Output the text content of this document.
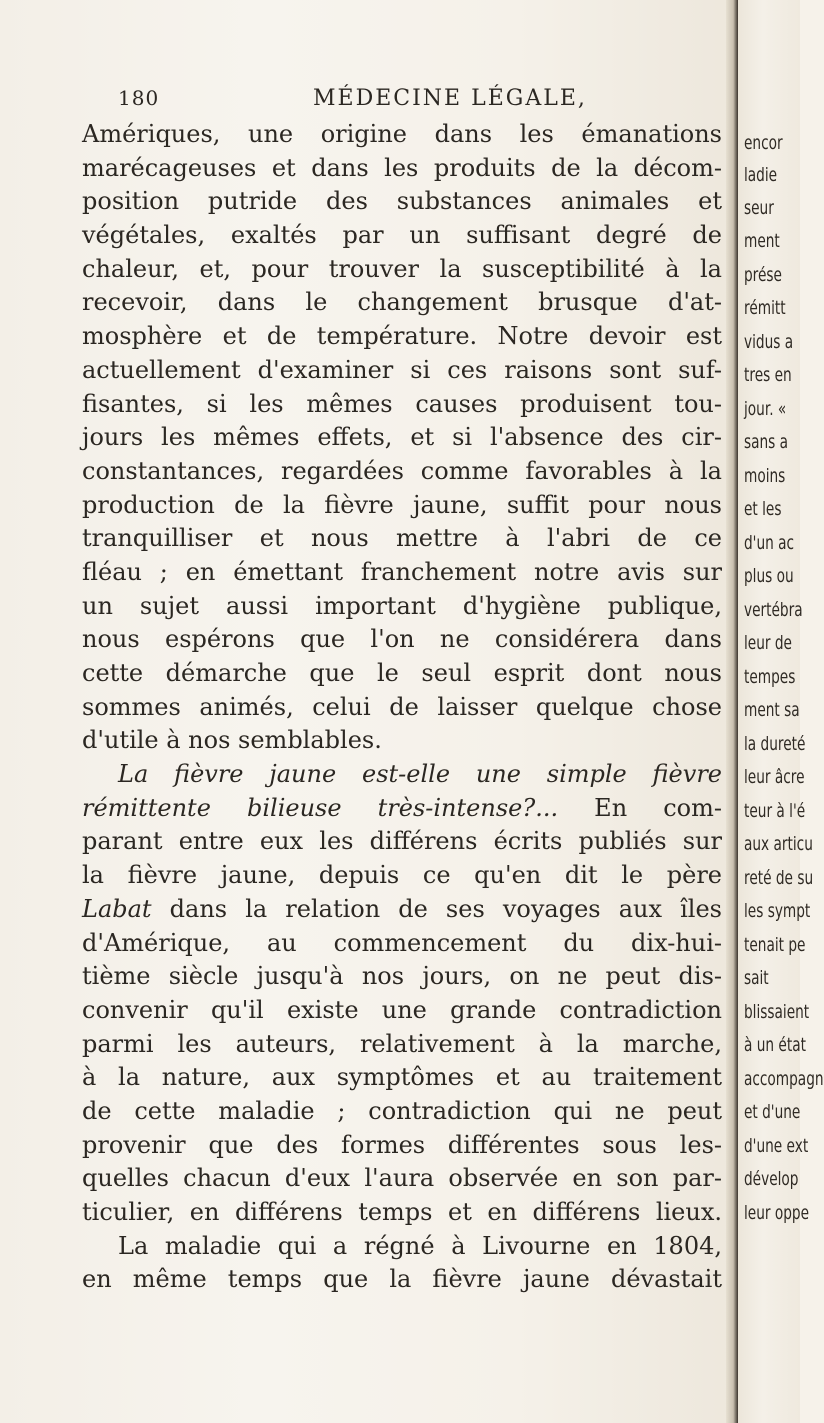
180	MÉDECINE LÉGALE,
Amériques, une origine dans les émanations
marécageuses et dans les produits de la décom-
position putride des substances animales et
végétales, exaltés par un suffisant degré de
chaleur, et, pour trouver la susceptibilité à la
recevoir, dans le changement brusque d'at-
mosphère et de température. Notre devoir est
actuellement d'examiner si ces raisons sont suf-
fisantes, si les mêmes causes produisent tou-
jours les mêmes effets, et si l'absence des cir-
constantances, regardées comme favorables à la
production de la fièvre jaune, suffit pour nous
tranquilliser et nous mettre à l'abri de ce
fléau ; en émettant franchement notre avis sur
un sujet aussi important d'hygiène publique,
nous espérons que l'on ne considérera dans
cette démarche que le seul esprit dont nous
sommes animés, celui de laisser quelque chose
d'utile à nos semblables.
La fièvre jaune est-elle une simple fièvre
rémittente bilieuse très-intense?... En com-
parant entre eux les différens écrits publiés sur
la fièvre jaune, depuis ce qu'en dit le père
Labat dans la relation de ses voyages aux îles
d'Amérique, au commencement du dix-hui-
tième siècle jusqu'à nos jours, on ne peut dis-
convenir qu'il existe une grande contradiction
parmi les auteurs, relativement à la marche,
à la nature, aux symptômes et au traitement
de cette maladie ; contradiction qui ne peut
provenir que des formes différentes sous les-
quelles chacun d'eux l'aura observée en son par-
ticulier, en différens temps et en différens lieux.
La maladie qui a régné à Livourne en 1804,
en même temps que la fièvre jaune dévastait
encor
ladie
seur
ment
prése
rémitt
vidus a
tres en
jour. «
sans a
moins
et les
d'un ac
plus ou
vertébra
leur de
tempes
ment sa
la dureté
leur âcre
teur à l'é
aux articu
reté de su
les sympt
tenait pe
sait
blissaient
à un état
accompagn
et d'une
d'une ext
dévelop
leur oppe
